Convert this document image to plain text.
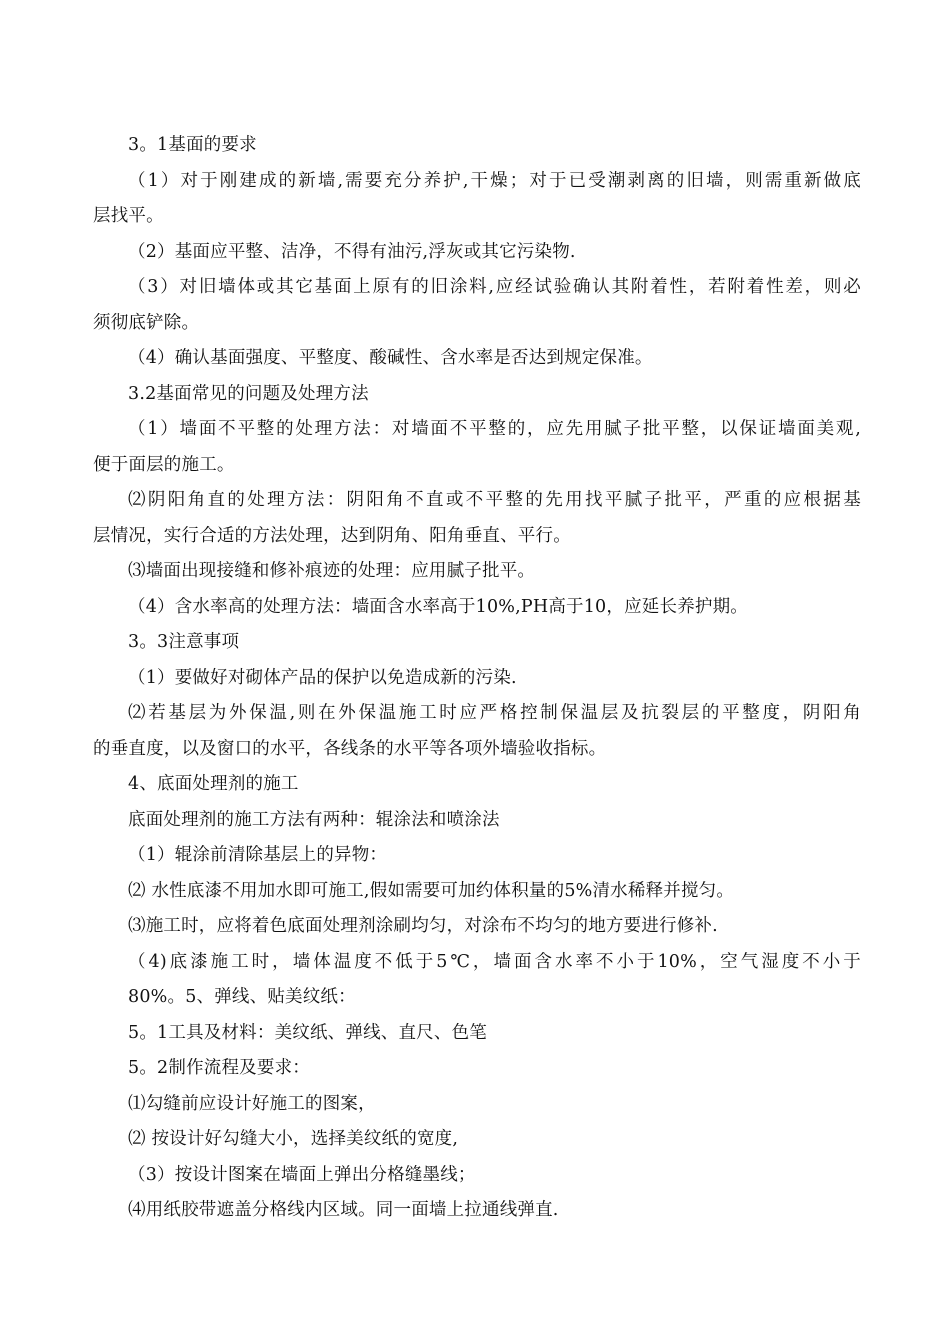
3。1基面的要求
（1）对于刚建成的新墙,需要充分养护,干燥；对于已受潮剥离的旧墙，则需重新做底
层找平。
（2）基面应平整、洁净，不得有油污,浮灰或其它污染物.
（3）对旧墙体或其它基面上原有的旧涂料,应经试验确认其附着性，若附着性差，则必
须彻底铲除。
（4）确认基面强度、平整度、酸碱性、含水率是否达到规定保准。
3.2基面常见的问题及处理方法
（1）墙面不平整的处理方法：对墙面不平整的，应先用腻子批平整，以保证墙面美观,
便于面层的施工。
⑵阴阳角直的处理方法：阴阳角不直或不平整的先用找平腻子批平，严重的应根据基
层情况，实行合适的方法处理，达到阴角、阳角垂直、平行。
⑶墙面出现接缝和修补痕迹的处理：应用腻子批平。
（4）含水率高的处理方法：墙面含水率高于10%,PH高于10，应延长养护期。
3。3注意事项
（1）要做好对砌体产品的保护以免造成新的污染.
⑵若基层为外保温,则在外保温施工时应严格控制保温层及抗裂层的平整度，阴阳角
的垂直度，以及窗口的水平，各线条的水平等各项外墙验收指标。
4、底面处理剂的施工
底面处理剂的施工方法有两种：辊涂法和喷涂法
（1）辊涂前清除基层上的异物：
⑵ 水性底漆不用加水即可施工,假如需要可加约体积量的5%清水稀释并搅匀。
⑶施工时，应将着色底面处理剂涂刷均匀，对涂布不均匀的地方要进行修补.
（4)底漆施工时，墙体温度不低于5℃，墙面含水率不小于10%，空气湿度不小于
80%。5、弹线、贴美纹纸：
5。1工具及材料：美纹纸、弹线、直尺、色笔
5。2制作流程及要求：
⑴勾缝前应设计好施工的图案，
⑵ 按设计好勾缝大小，选择美纹纸的宽度,
（3）按设计图案在墙面上弹出分格缝墨线；
⑷用纸胶带遮盖分格线内区域。同一面墙上拉通线弹直.
